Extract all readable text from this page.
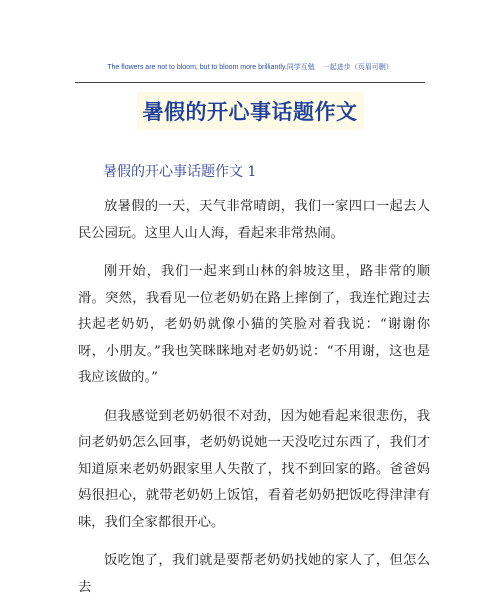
The flowers are not to bloom, but to bloom more brilliantly.同学互勉 一起进步（页眉可删）
暑假的开心事话题作文
暑假的开心事话题作文 1

放暑假的一天，天气非常晴朗，我们一家四口一起去人民公园玩。这里人山人海，看起来非常热闹。

刚开始，我们一起来到山林的斜坡这里，路非常的顺滑。突然，我看见一位老奶奶在路上摔倒了，我连忙跑过去扶起老奶奶，老奶奶就像小猫的笑脸对着我说：“谢谢你呀，小朋友。”我也笑眯眯地对老奶奶说：“不用谢，这也是我应该做的。”

但我感觉到老奶奶很不对劲，因为她看起来很悲伤，我问老奶奶怎么回事，老奶奶说她一天没吃过东西了，我们才知道原来老奶奶跟家里人失散了，找不到回家的路。爸爸妈妈很担心，就带老奶奶上饭馆，看着老奶奶把饭吃得津津有味，我们全家都很开心。

饭吃饱了，我们就是要帮老奶奶找她的家人了，但怎么去
